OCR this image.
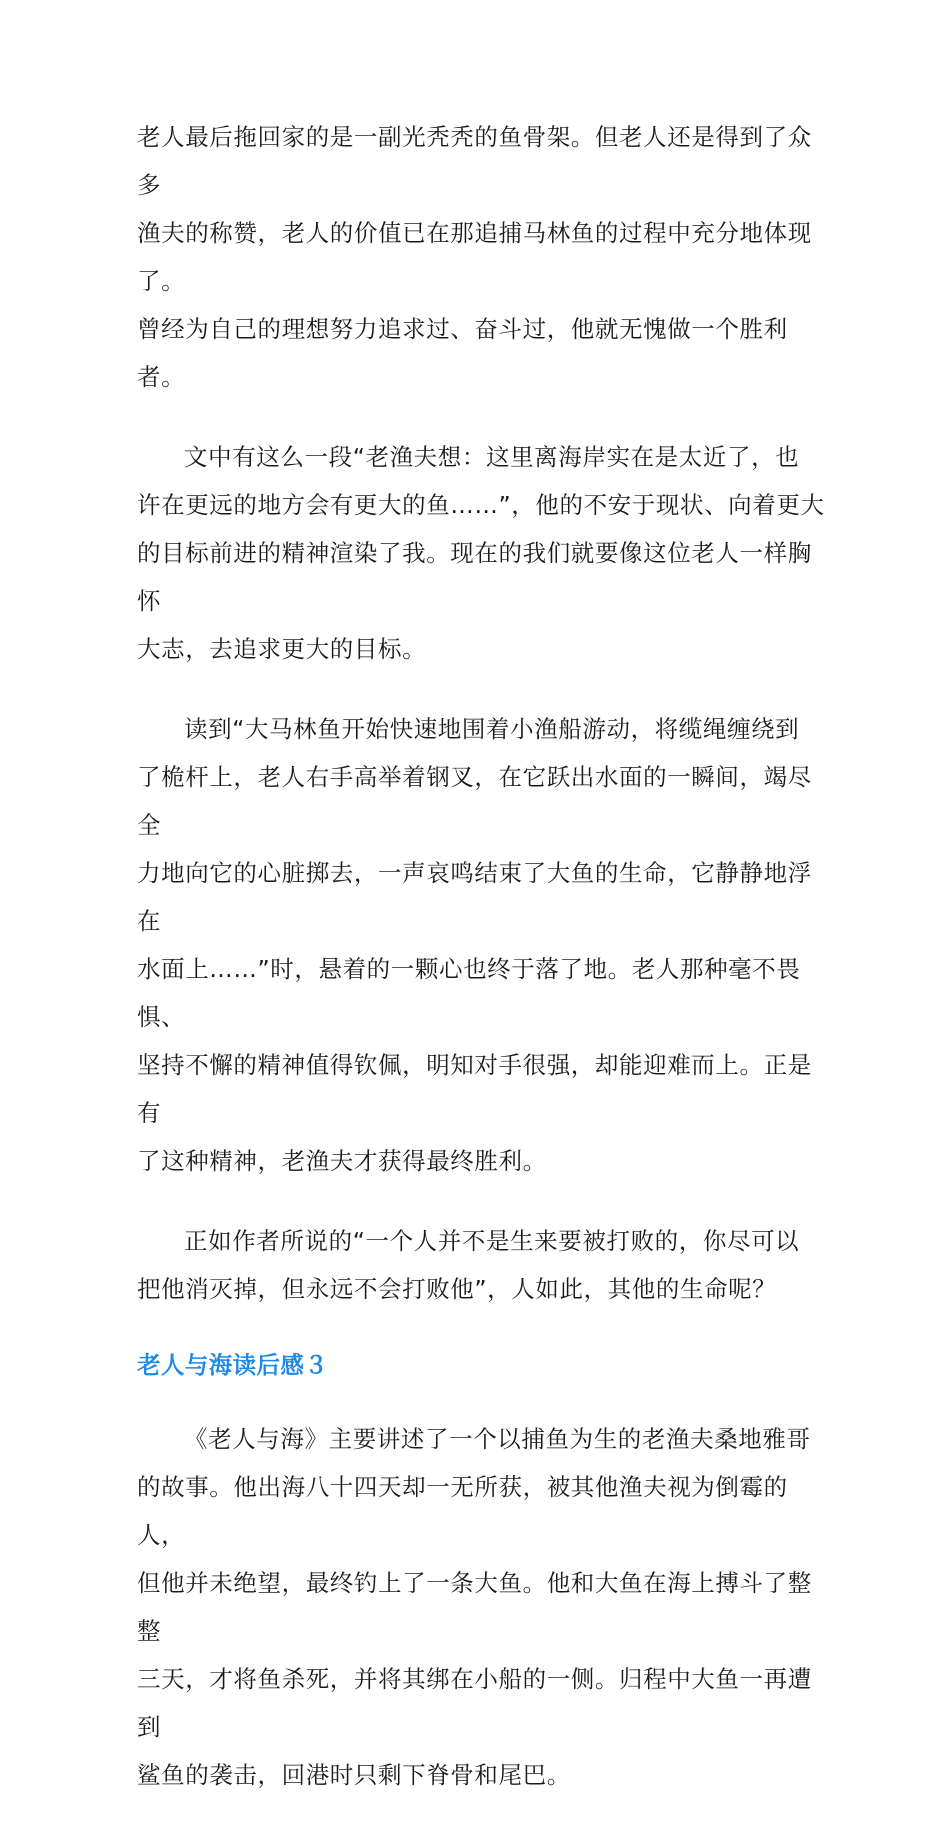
老人最后拖回家的是一副光秃秃的鱼骨架。但老人还是得到了众多
渔夫的称赞，老人的价值已在那追捕马林鱼的过程中充分地体现了。
曾经为自己的理想努力追求过、奋斗过，他就无愧做一个胜利者。

文中有这么一段“老渔夫想：这里离海岸实在是太近了，也
许在更远的地方会有更大的鱼……”，他的不安于现状、向着更大
的目标前进的精神渲染了我。现在的我们就要像这位老人一样胸怀
大志，去追求更大的目标。

读到“大马林鱼开始快速地围着小渔船游动，将缆绳缠绕到
了桅杆上，老人右手高举着钢叉，在它跃出水面的一瞬间，竭尽全
力地向它的心脏掷去，一声哀鸣结束了大鱼的生命，它静静地浮在
水面上……”时，悬着的一颗心也终于落了地。老人那种毫不畏惧、
坚持不懈的精神值得钦佩，明知对手很强，却能迎难而上。正是有
了这种精神，老渔夫才获得最终胜利。

正如作者所说的“一个人并不是生来要被打败的，你尽可以
把他消灭掉，但永远不会打败他”，人如此，其他的生命呢？

老人与海读后感３

《老人与海》主要讲述了一个以捕鱼为生的老渔夫桑地雅哥
的故事。他出海八十四天却一无所获，被其他渔夫视为倒霉的人，
但他并未绝望，最终钓上了一条大鱼。他和大鱼在海上搏斗了整整
三天，才将鱼杀死，并将其绑在小船的一侧。归程中大鱼一再遭到
鲨鱼的袭击，回港时只剩下脊骨和尾巴。
